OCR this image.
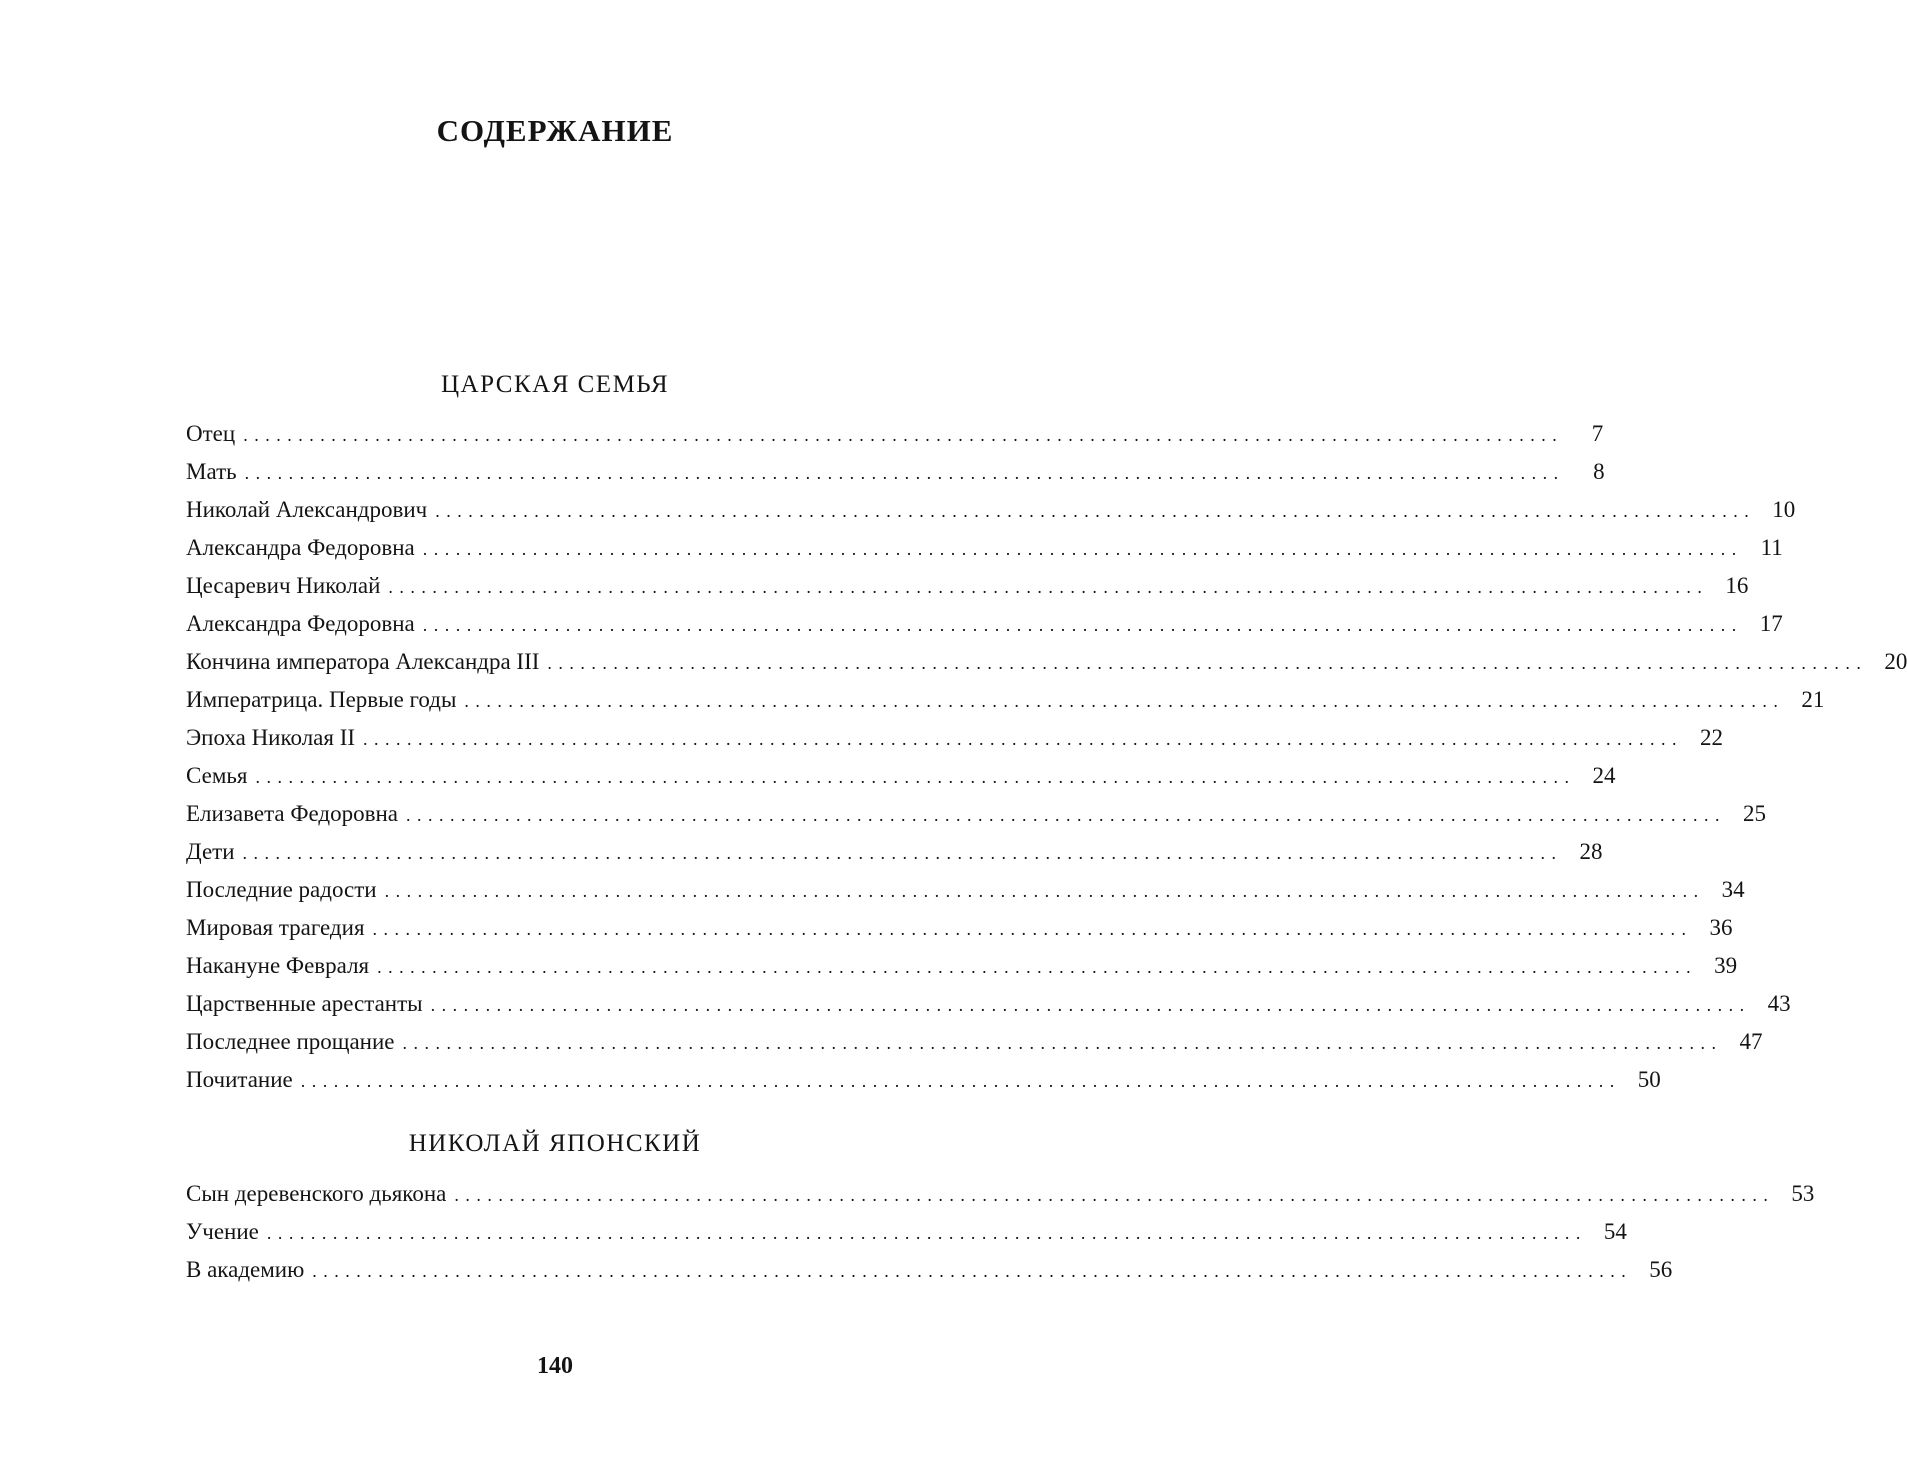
СОДЕРЖАНИЕ
ЦАРСКАЯ СЕМЬЯ
Отец ........................................................................................................................	7
Мать ........................................................................................................................	8
Николай Александрович ........................................................................................................................ 10
Александра Федоровна ........................................................................................................................ 11
Цесаревич Николай ........................................................................................................................ 16
Александра Федоровна ........................................................................................................................ 17
Кончина императора Александра III ........................................................................................................................ 20
Императрица. Первые годы ........................................................................................................................ 21
Эпоха Николая II ........................................................................................................................ 22
Семья ........................................................................................................................ 24
Елизавета Федоровна ........................................................................................................................ 25
Дети ........................................................................................................................ 28
Последние радости ........................................................................................................................ 34
Мировая трагедия ........................................................................................................................ 36
Накануне Февраля ........................................................................................................................ 39
Царственные арестанты ........................................................................................................................ 43
Последнее прощание ........................................................................................................................ 47
Почитание ........................................................................................................................ 50
НИКОЛАЙ ЯПОНСКИЙ
Сын деревенского дьякона ........................................................................................................................ 53
Учение ........................................................................................................................ 54
В академию ........................................................................................................................ 56
140
